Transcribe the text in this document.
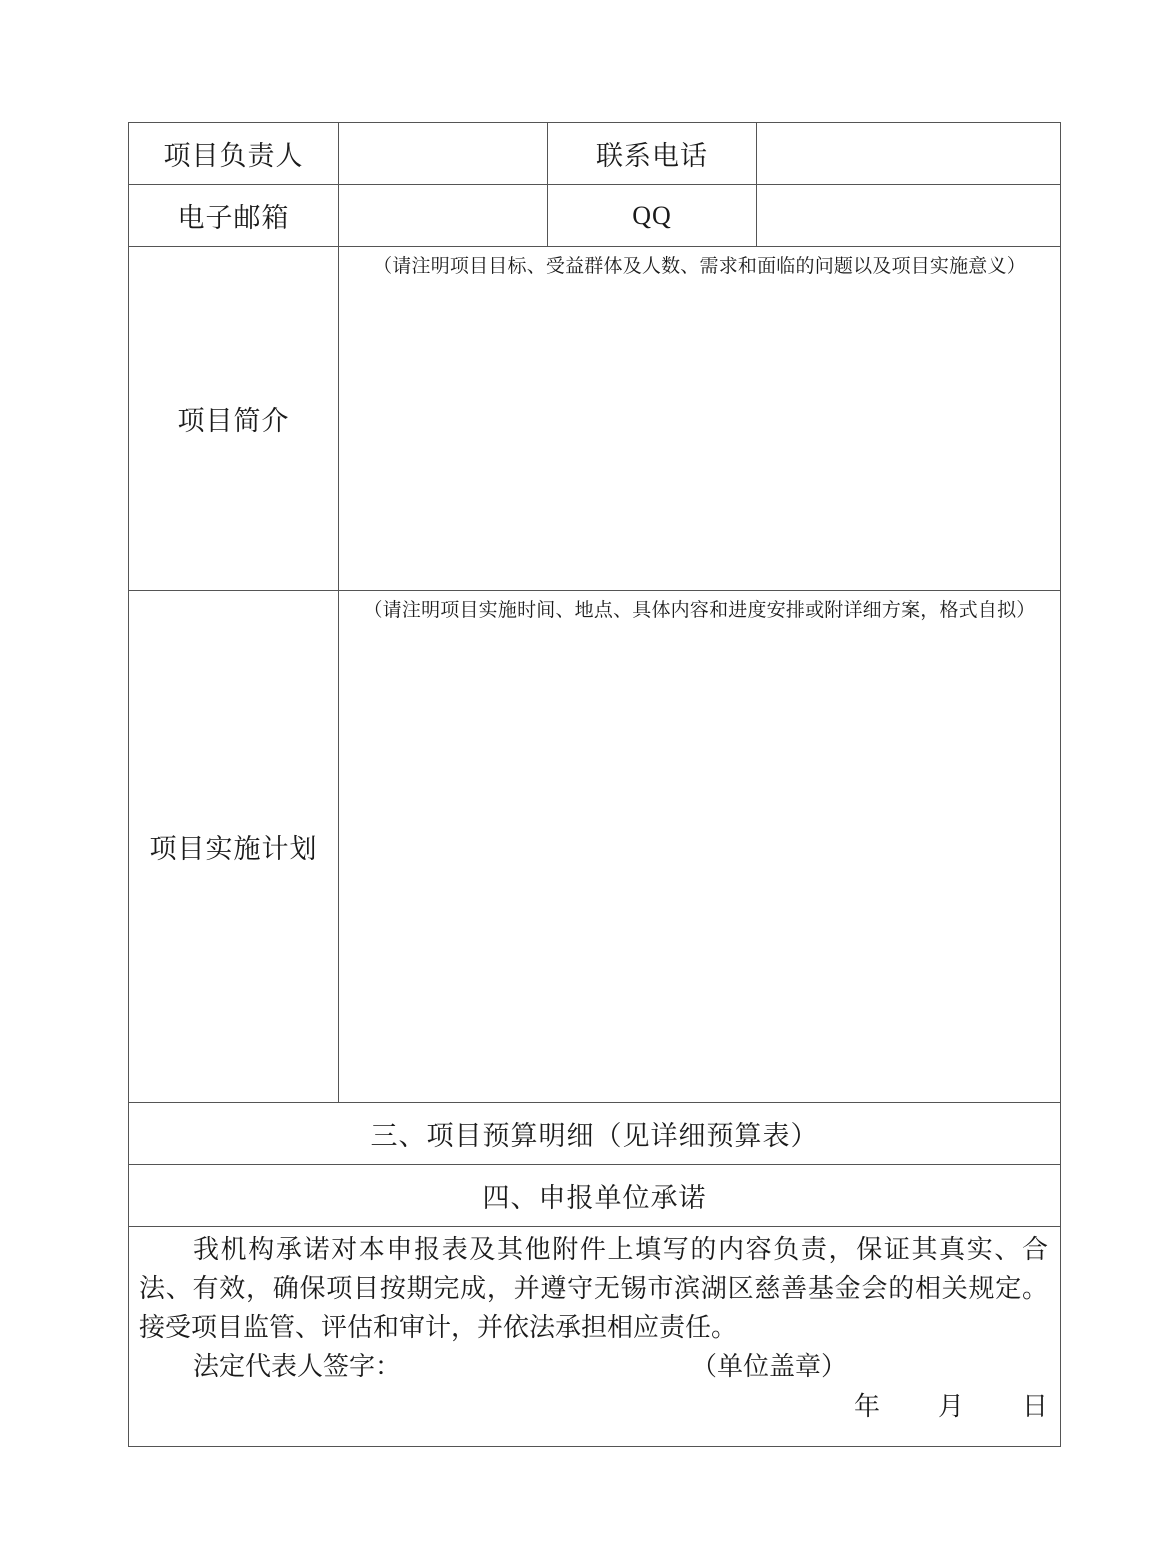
项目负责人		联系电话	
电子邮箱		QQ	
项目简介	（请注明项目目标、受益群体及人数、需求和面临的问题以及项目实施意义）		

项目实施计划	（请注明项目实施时间、地点、具体内容和进度安排或附详细方案，格式自拟）		

三、项目预算明细（见详细预算表）			
四、申报单位承诺			

我机构承诺对本申报表及其他附件上填写的内容负责，保证其真实、合法、有效，确保项目按期完成，并遵守无锡市滨湖区慈善基金会的相关规定。接受项目监管、评估和审计，并依法承担相应责任。

法定代表人签字： （单位盖章）
年 月 日			
